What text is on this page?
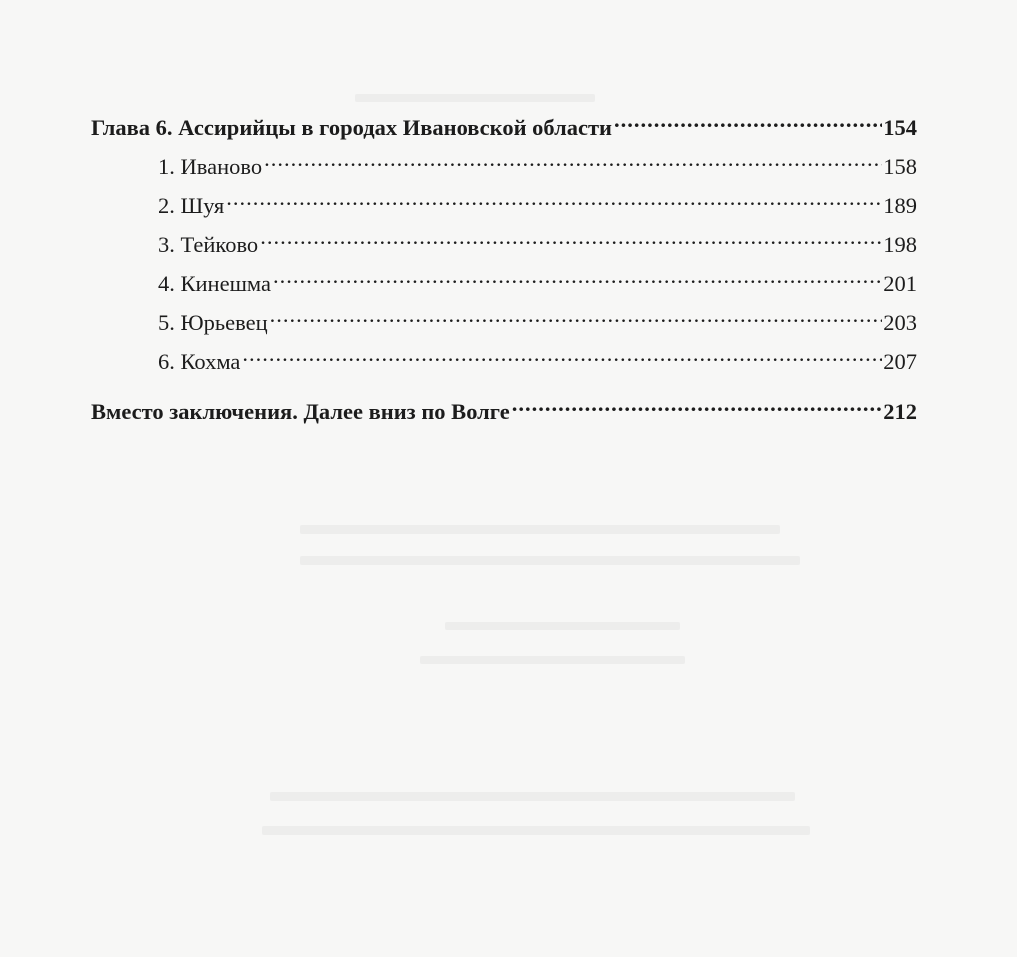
Глава 6. Ассирийцы в городах Ивановской области .....	154
1. Иваново .....	158
2. Шуя .....	189
3. Тейково .....	198
4. Кинешма .....	201
5. Юрьевец .....	203
6. Кохма .....	207
Вместо заключения. Далее вниз по Волге .....	212
